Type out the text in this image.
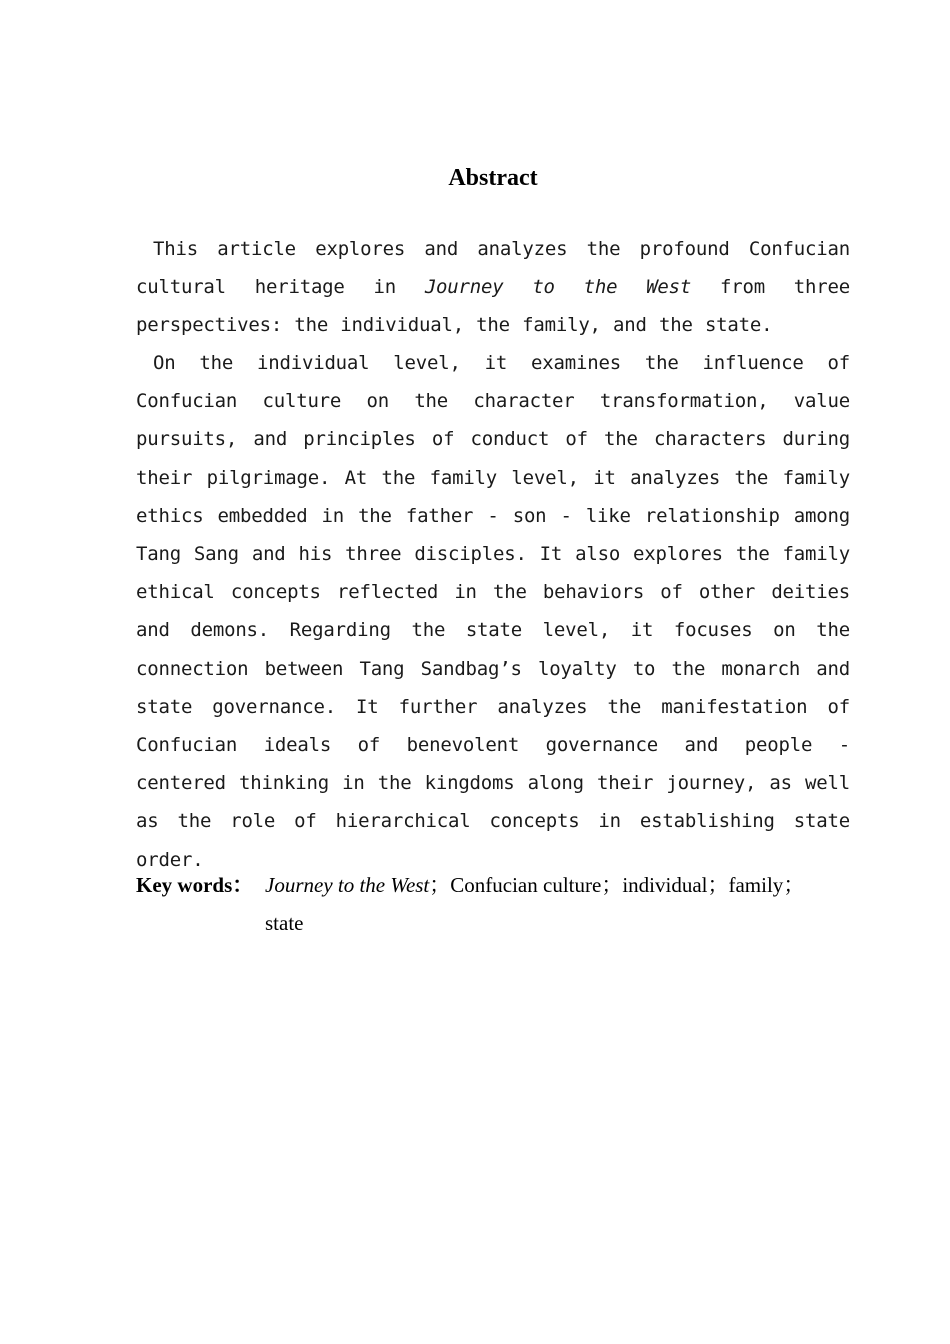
Abstract
This article explores and analyzes the profound Confucian cultural heritage in Journey to the West from three perspectives: the individual, the family, and the state.
On the individual level, it examines the influence of Confucian culture on the character transformation, value pursuits, and principles of conduct of the characters during their pilgrimage. At the family level, it analyzes the family ethics embedded in the father - son - like relationship among Tang Sang and his three disciples. It also explores the family ethical concepts reflected in the behaviors of other deities and demons. Regarding the state level, it focuses on the connection between Tang Sandbag’s loyalty to the monarch and state governance. It further analyzes the manifestation of Confucian ideals of benevolent governance and people - centered thinking in the kingdoms along their journey, as well as the role of hierarchical concepts in establishing state order.
Key words： Journey to the West；Confucian culture；individual；family；
state
